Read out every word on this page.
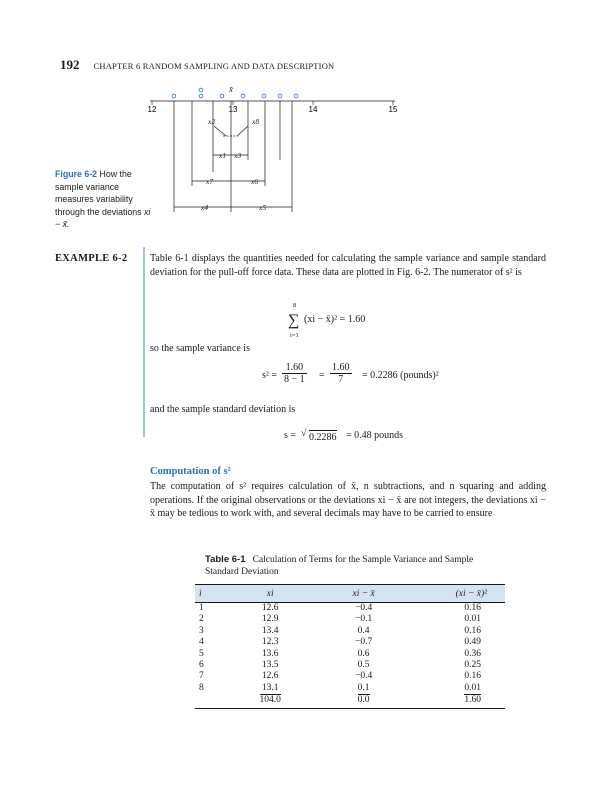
192 CHAPTER 6 RANDOM SAMPLING AND DATA DESCRIPTION
x̄
12	13	14	15
x2	x8
x1 x3
x7	x6
x4	x5
Figure 6-2 How the sample variance measures variability through the deviations xi − x̄.
EXAMPLE 6-2 Table 6-1 displays the quantities needed for calculating the sample variance and sample standard deviation for the pull-off force data. These data are plotted in Fig. 6-2. The numerator of s² is
8
∑
i=1
(xi − x̄)² = 1.60
so the sample variance is
$s^2 = \frac{1.60}{8 - 1} = \frac{1.60}{7} = 0.2286$ (pounds)²
and the sample standard deviation is
s = √ 0.2286 = 0.48 pounds
Computation of s²
The computation of s² requires calculation of x̄, n subtractions, and n squaring and adding operations. If the original observations or the deviations xi − x̄ are not integers, the deviations xi − x̄ may be tedious to work with, and several decimals may have to be carried to ensure
Table 6-1 Calculation of Terms for the Sample Variance and Sample Standard Deviation
i	xi	xi − x̄	(xi − x̄)²
1	12.6	−0.4	0.16
2	12.9	−0.1	0.01
3	13.4	0.4	0.16
4	12.3	−0.7	0.49
5	13.6	0.6	0.36
6	13.5	0.5	0.25
7	12.6	−0.4	0.16
8	13.1	0.1	0.01
	104.0	0.0	1.60
